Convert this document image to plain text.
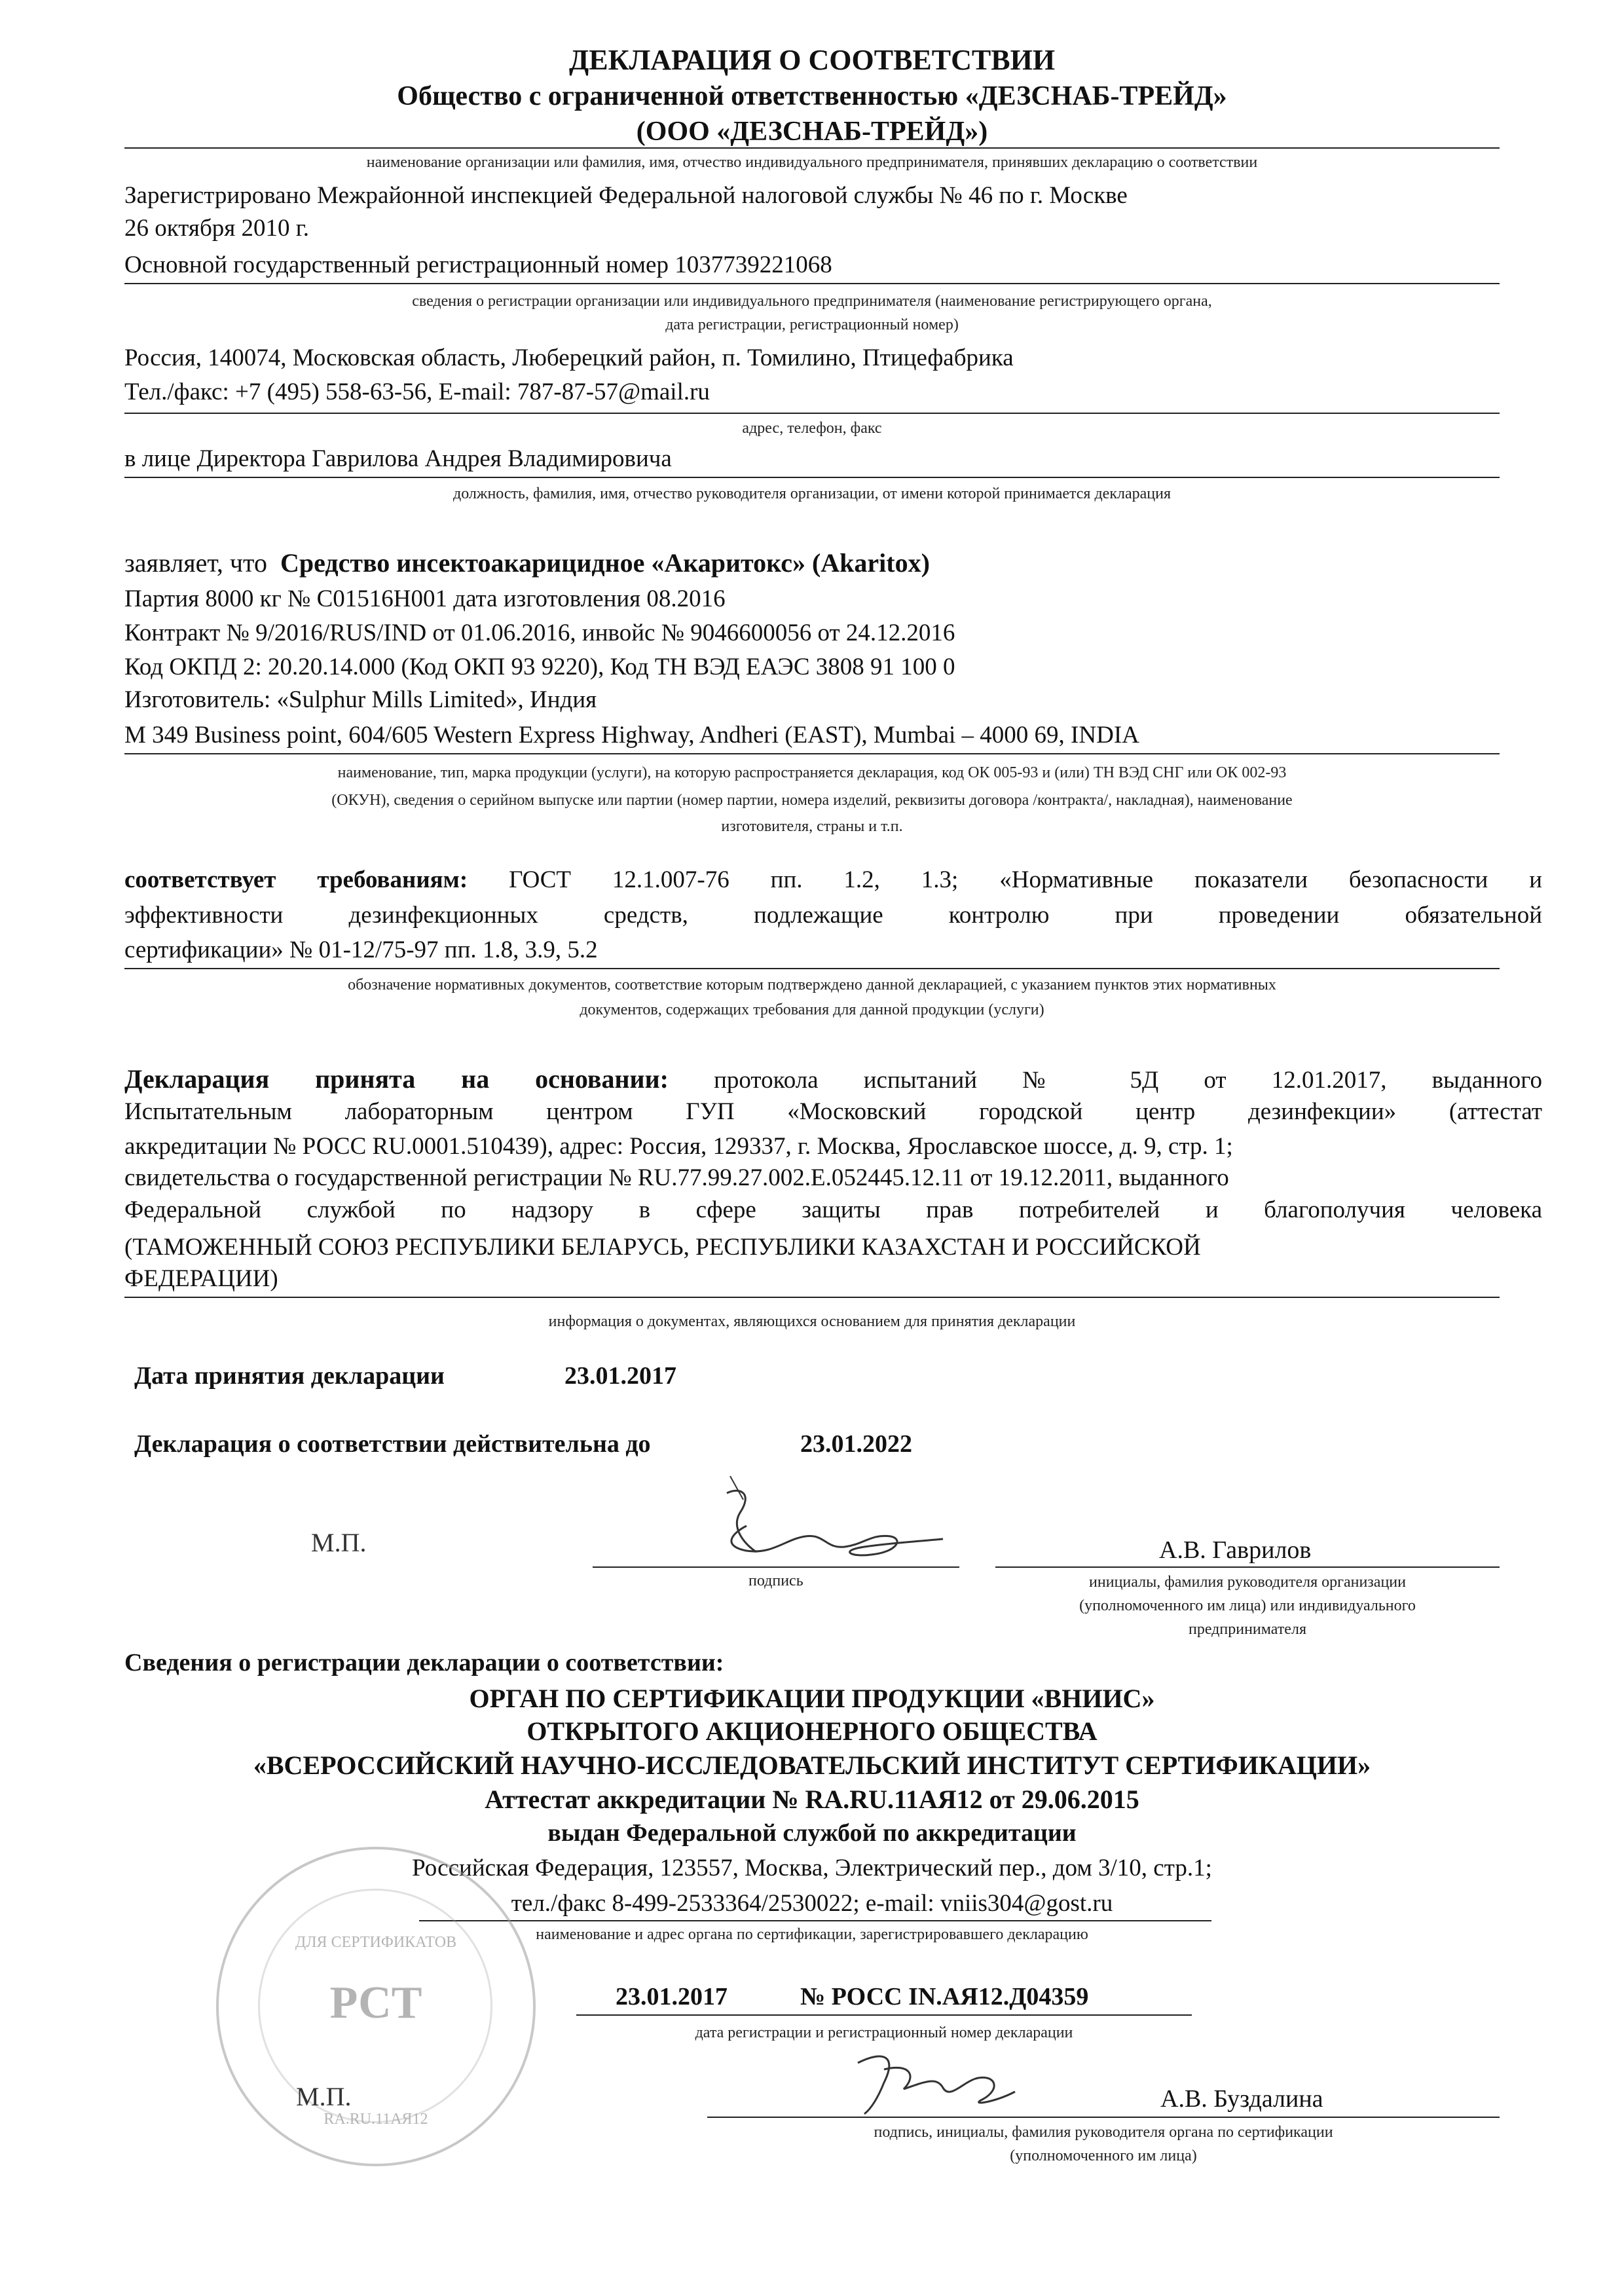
ДЕКЛАРАЦИЯ О СООТВЕТСТВИИ
Общество с ограниченной ответственностью «ДЕЗСНАБ-ТРЕЙД»
(ООО «ДЕЗСНАБ-ТРЕЙД»)
наименование организации или фамилия, имя, отчество индивидуального предпринимателя, принявших декларацию о соответствии
Зарегистрировано Межрайонной инспекцией Федеральной налоговой службы № 46 по г. Москве
26 октября 2010 г.
Основной государственный регистрационный номер 1037739221068
сведения о регистрации организации или индивидуального предпринимателя (наименование регистрирующего органа,
дата регистрации, регистрационный номер)
Россия, 140074, Московская область, Люберецкий район, п. Томилино, Птицефабрика
Тел./факс: +7 (495) 558-63-56, E-mail: 787-87-57@mail.ru
адрес, телефон, факс
в лице Директора Гаврилова Андрея Владимировича
должность, фамилия, имя, отчество руководителя организации, от имени которой принимается декларация
заявляет, что Средство инсектоакарицидное «Акаритокс» (Akaritox)
Партия 8000 кг № C01516H001 дата изготовления 08.2016
Контракт № 9/2016/RUS/IND от 01.06.2016, инвойс № 9046600056 от 24.12.2016
Код ОКПД 2: 20.20.14.000 (Код ОКП 93 9220), Код ТН ВЭД ЕАЭС 3808 91 100 0
Изготовитель: «Sulphur Mills Limited», Индия
M 349 Business point, 604/605 Western Express Highway, Andheri (EAST), Mumbai – 4000 69, INDIA
наименование, тип, марка продукции (услуги), на которую распространяется декларация, код ОК 005-93 и (или) ТН ВЭД СНГ или ОК 002-93
(ОКУН), сведения о серийном выпуске или партии (номер партии, номера изделий, реквизиты договора /контракта/, накладная), наименование
изготовителя, страны и т.п.
соответствует требованиям: ГОСТ 12.1.007-76 пп. 1.2, 1.3; «Нормативные показатели безопасности и
эффективности дезинфекционных средств, подлежащие контролю при проведении обязательной
сертификации» № 01-12/75-97 пп. 1.8, 3.9, 5.2
обозначение нормативных документов, соответствие которым подтверждено данной декларацией, с указанием пунктов этих нормативных
документов, содержащих требования для данной продукции (услуги)
Декларация принята на основании: протокола испытаний № 5Д от 12.01.2017, выданного
Испытательным лабораторным центром ГУП «Московский городской центр дезинфекции» (аттестат
аккредитации № РОСС RU.0001.510439), адрес: Россия, 129337, г. Москва, Ярославское шоссе, д. 9, стр. 1;
свидетельства о государственной регистрации № RU.77.99.27.002.Е.052445.12.11 от 19.12.2011, выданного
Федеральной службой по надзору в сфере защиты прав потребителей и благополучия человека
(ТАМОЖЕННЫЙ СОЮЗ РЕСПУБЛИКИ БЕЛАРУСЬ, РЕСПУБЛИКИ КАЗАХСТАН И РОССИЙСКОЙ
ФЕДЕРАЦИИ)
информация о документах, являющихся основанием для принятия декларации
Дата принятия декларации	23.01.2017
Декларация о соответствии действительна до	23.01.2022
М.П.
подпись
А.В. Гаврилов
инициалы, фамилия руководителя организации
(уполномоченного им лица) или индивидуального
предпринимателя
Сведения о регистрации декларации о соответствии:
ОРГАН ПО СЕРТИФИКАЦИИ ПРОДУКЦИИ «ВНИИС»
ОТКРЫТОГО АКЦИОНЕРНОГО ОБЩЕСТВА
«ВСЕРОССИЙСКИЙ НАУЧНО-ИССЛЕДОВАТЕЛЬСКИЙ ИНСТИТУТ СЕРТИФИКАЦИИ»
Аттестат аккредитации № RA.RU.11АЯ12 от 29.06.2015
выдан Федеральной службой по аккредитации
Российская Федерация, 123557, Москва, Электрический пер., дом 3/10, стр.1;
тел./факс 8-499-2533364/2530022; e-mail: vniis304@gost.ru
наименование и адрес органа по сертификации, зарегистрировавшего декларацию
23.01.2017	№ РОСС IN.АЯ12.Д04359
дата регистрации и регистрационный номер декларации
ДЛЯ СЕРТИФИКАТОВ
РСТ
RA.RU.11АЯ12
М.П.	А.В. Буздалина
подпись, инициалы, фамилия руководителя органа по сертификации
(уполномоченного им лица)
